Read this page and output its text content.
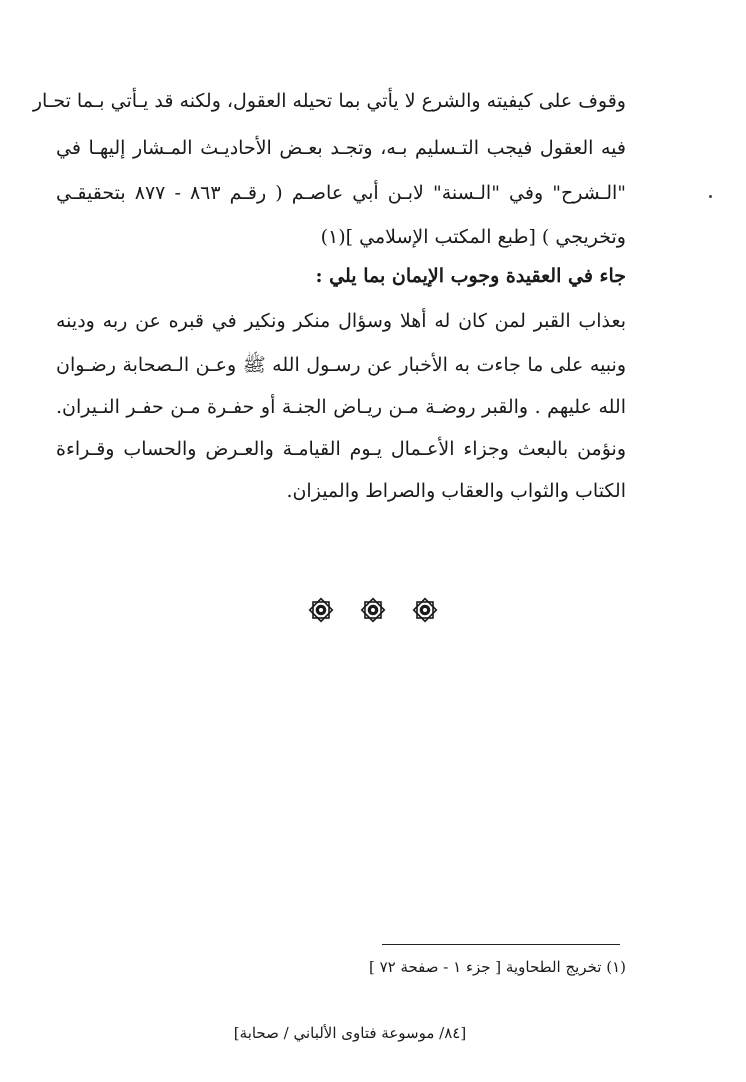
وقوف على كيفيته والشرع لا يأتي بما تحيله العقول، ولكنه قد يـأتي بـما تحـار
فيه العقول فيجب التـسليم بـه، وتجـد بعـض الأحاديـث المـشار إليهـا في
"الـشرح" وفي "الـسنة" لابـن أبي عاصـم ( رقـم ٨٦٣ - ٨٧٧ بتحقيقـي
وتخريجي ) [طبع المكتب الإسلامي ](١)
جاء في العقيدة وجوب الإيمان بما يلي :
بعذاب القبر لمن كان له أهلا وسؤال منكر ونكير في قبره عن ربه ودينه
ونبيه على ما جاءت به الأخبار عن رسـول الله ﷺ وعـن الـصحابة رضـوان
الله عليهم . والقبر روضـة مـن ريـاض الجنـة أو حفـرة مـن حفـر النـيران.
ونؤمن بالبعث وجزاء الأعـمال يـوم القيامـة والعـرض والحساب وقـراءة
الكتاب والثواب والعقاب والصراط والميزان.
(١) تخريج الطحاوية [ جزء ١ - صفحة ٧٢ ]
[٨٤/ موسوعة فتاوى الألباني / صحابة]
